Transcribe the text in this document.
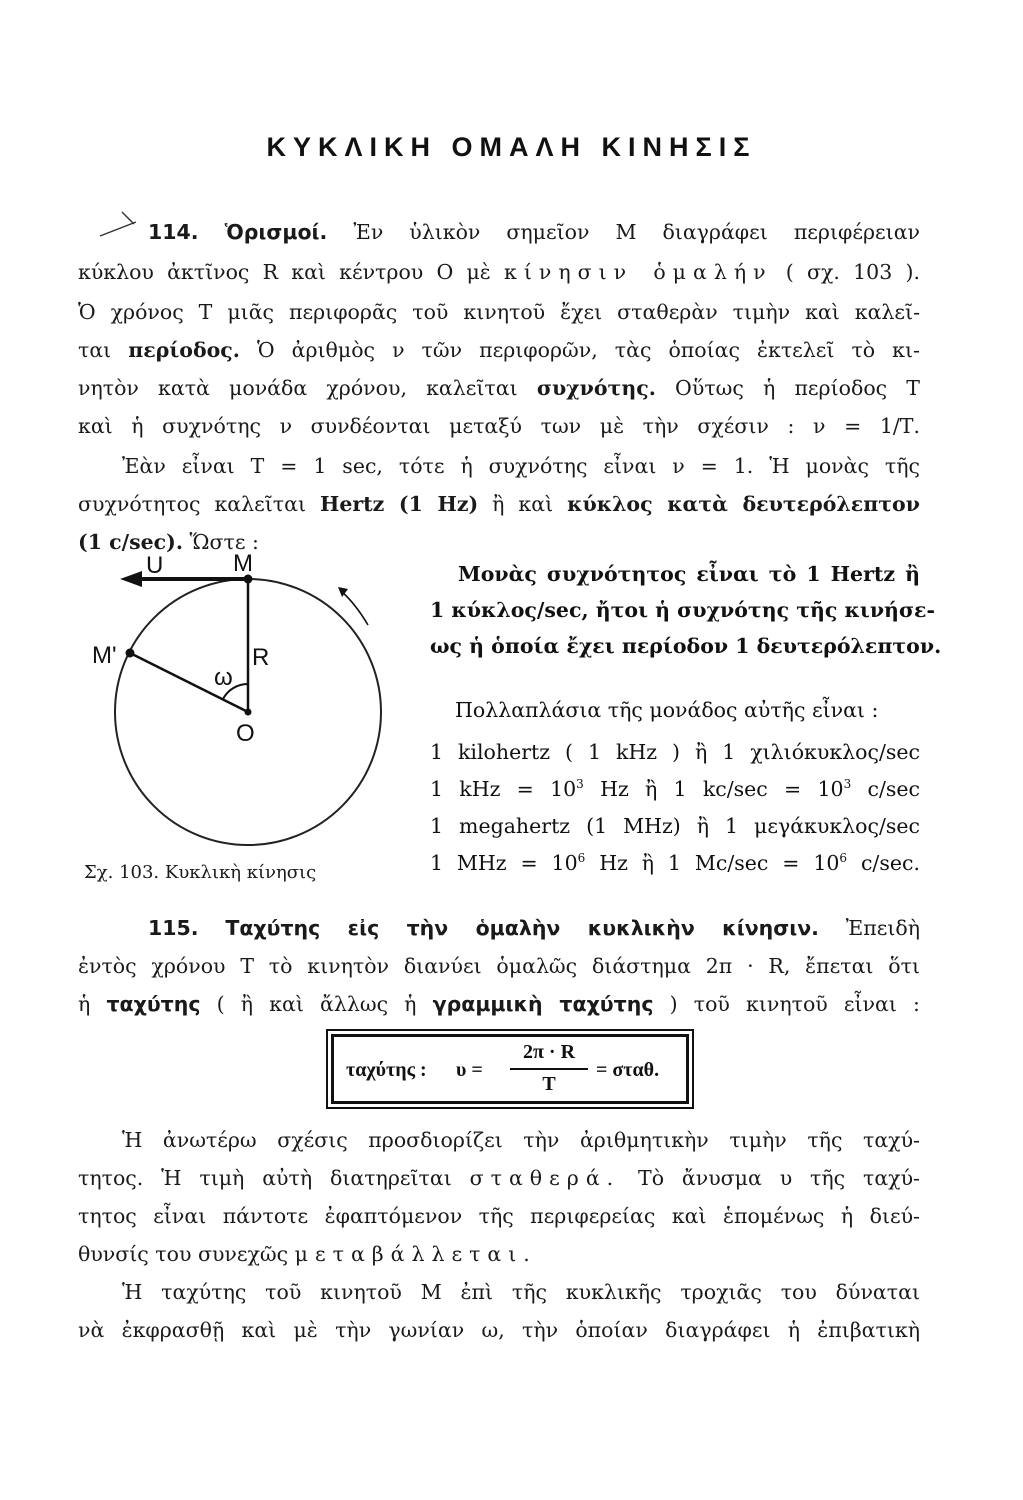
ΚΥΚΛΙΚΗ ΟΜΑΛΗ ΚΙΝΗΣΙΣ
114. Ὁρισμοί. Ἐν ὑλικὸν σημεῖον Μ διαγράφει περιφέρειαν
κύκλου ἀκτῖνος R καὶ κέντρου Ο μὲ κίνησιν ὁμαλήν ( σχ. 103 ).
Ὁ χρόνος Τ μιᾶς περιφορᾶς τοῦ κινητοῦ ἔχει σταθερὰν τιμὴν καὶ καλεῖ-
ται περίοδος. Ὁ ἀριθμὸς ν τῶν περιφορῶν, τὰς ὁποίας ἐκτελεῖ τὸ κι-
νητὸν κατὰ μονάδα χρόνου, καλεῖται συχνότης. Οὕτως ἡ περίοδος Τ
καὶ ἡ συχνότης ν συνδέονται μεταξύ των μὲ τὴν σχέσιν : ν = 1/Τ.
Ἐὰν εἶναι Τ = 1 sec, τότε ἡ συχνότης εἶναι ν = 1. Ἡ μονὰς τῆς
συχνότητος καλεῖται Hertz (1 Hz) ἢ καὶ κύκλος κατὰ δευτερόλεπτον
(1 c/sec). Ὥστε :
U	M
M'	R
ω
O
Σχ. 103. Κυκλικὴ κίνησις
Μονὰς συχνότητος εἶναι τὸ 1 Hertz ἢ
1 κύκλος/sec, ἤτοι ἡ συχνότης τῆς κινήσε-
ως ἡ ὁποία ἔχει περίοδον 1 δευτερόλεπτον.
Πολλαπλάσια τῆς μονάδος αὐτῆς εἶναι :
1 kilohertz ( 1 kHz ) ἢ 1 χιλιόκυκλος/sec
1 kHz = $10^3$ Hz ἢ 1 $kc/\sec = 10^3$ c/sec
1 megahertz (1 MHz) ἢ 1 μεγάκυκλος/sec
1 MHz = $10^6$ Hz ἢ 1 $Mc/\sec = 10^6$ c/sec.
115. Ταχύτης εἰς τὴν ὁμαλὴν κυκλικὴν κίνησιν. Ἐπειδὴ
ἐντὸς χρόνου Τ τὸ κινητὸν διανύει ὁμαλῶς διάστημα 2π · R, ἔπεται ὅτι
ἡ ταχύτης ( ἢ καὶ ἄλλως ἡ γραμμικὴ ταχύτης ) τοῦ κινητοῦ εἶναι :
ταχύτης : υ =
2π · R
T
= σταθ.
Ἡ ἀνωτέρω σχέσις προσδιορίζει τὴν ἀριθμητικὴν τιμὴν τῆς ταχύ-
τητος. Ἡ τιμὴ αὐτὴ διατηρεῖται σταθερά. Τὸ ἄνυσμα υ τῆς ταχύ-
τητος εἶναι πάντοτε ἐφαπτόμενον τῆς περιφερείας καὶ ἑπομένως ἡ διεύ-
θυνσίς του συνεχῶς μεταβάλλεται.
Ἡ ταχύτης τοῦ κινητοῦ Μ ἐπὶ τῆς κυκλικῆς τροχιᾶς του δύναται
νὰ ἐκφρασθῇ καὶ μὲ τὴν γωνίαν ω, τὴν ὁποίαν διαγράφει ἡ ἐπιβατικὴ
